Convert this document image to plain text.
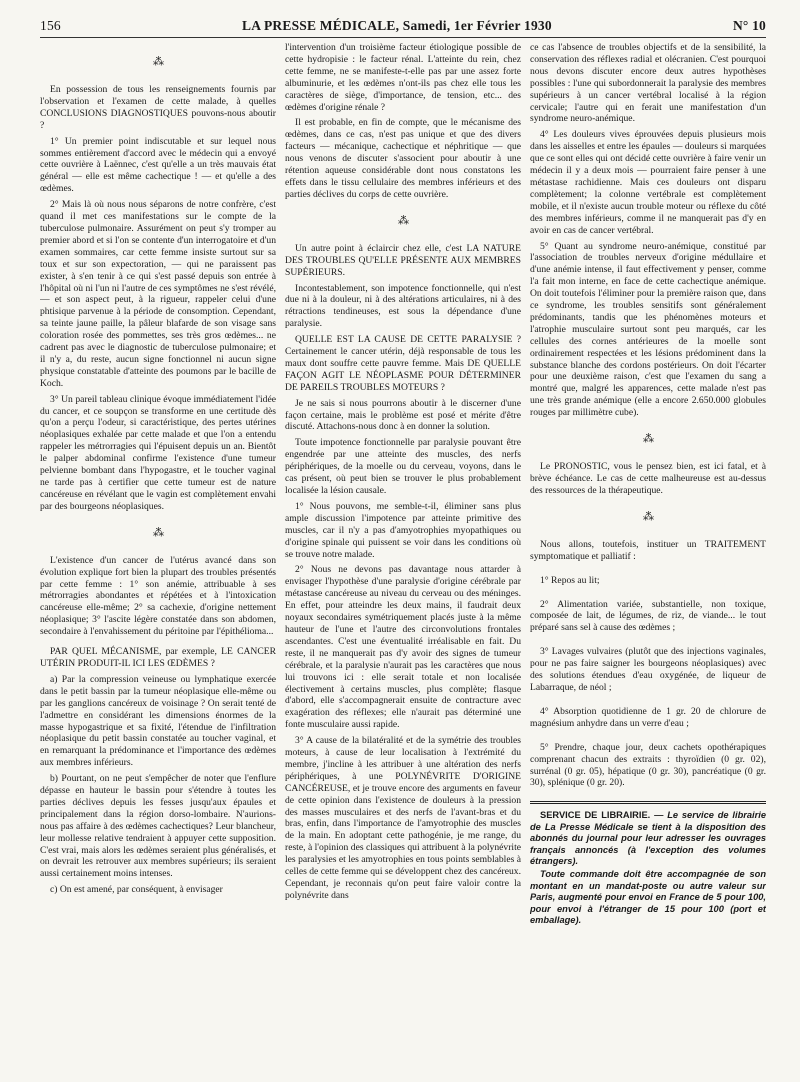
156	LA PRESSE MÉDICALE, Samedi, 1er Février 1930	N° 10
⁂

En possession de tous les renseignements fournis par l'observation et l'examen de cette malade, à quelles CONCLUSIONS DIAGNOSTIQUES pouvons-nous aboutir ?

1° Un premier point indiscutable et sur lequel nous sommes entièrement d'accord avec le médecin qui a envoyé cette ouvrière à Laënnec, c'est qu'elle a un très mauvais état général — elle est même cachectique ! — et qu'elle a des œdèmes.

2° Mais là où nous nous séparons de notre confrère, c'est quand il met ces manifestations sur le compte de la tuberculose pulmonaire. Assurément on peut s'y tromper au premier abord et si l'on se contente d'un interrogatoire et d'un examen sommaires, car cette femme insiste surtout sur sa toux et sur son expectoration, — qui ne paraissent pas exister, à s'en tenir à ce qui s'est passé depuis son entrée à l'hôpital où ni l'un ni l'autre de ces symptômes ne s'est révélé, — et son aspect peut, à la rigueur, rappeler celui d'une phtisique parvenue à la période de consomption. Cependant, sa teinte jaune paille, la pâleur blafarde de son visage sans coloration rosée des pommettes, ses très gros œdèmes... ne cadrent pas avec le diagnostic de tuberculose pulmonaire; et il n'y a, du reste, aucun signe fonctionnel ni aucun signe physique constatable d'atteinte des poumons par le bacille de Koch.

3° Un pareil tableau clinique évoque immédiatement l'idée du cancer, et ce soupçon se transforme en une certitude dès qu'on a perçu l'odeur, si caractéristique, des pertes utérines néoplasiques exhalée par cette malade et que l'on a entendu rappeler les métrorragies qui l'épuisent depuis un an. Bientôt le palper abdominal confirme l'existence d'une tumeur pelvienne bombant dans l'hypogastre, et le toucher vaginal ne tarde pas à certifier que cette tumeur est de nature cancéreuse en révélant que le vagin est complètement envahi par des bourgeons néoplasiques.

⁂

L'existence d'un cancer de l'utérus avancé dans son évolution explique fort bien la plupart des troubles présentés par cette femme : 1° son anémie, attribuable à ses métrorragies abondantes et répétées et à l'intoxication cancéreuse elle-même; 2° sa cachexie, d'origine nettement néoplasique; 3° l'ascite légère constatée dans son abdomen, secondaire à l'envahissement du péritoine par l'épithélioma...

PAR QUEL MÉCANISME, par exemple, LE CANCER UTÉRIN PRODUIT-IL ICI LES ŒDÈMES ?

a) Par la compression veineuse ou lymphatique exercée dans le petit bassin par la tumeur néoplasique elle-même ou par les ganglions cancéreux de voisinage ? On serait tenté de l'admettre en considérant les dimensions énormes de la masse hypogastrique et sa fixité, l'étendue de l'infiltration néoplasique du petit bassin constatée au toucher vaginal, et en remarquant la prédominance et l'importance des œdèmes aux membres inférieurs.

b) Pourtant, on ne peut s'empêcher de noter que l'enflure dépasse en hauteur le bassin pour s'étendre à toutes les parties déclives depuis les fesses jusqu'aux épaules et principalement dans la région dorso-lombaire. N'aurions-nous pas affaire à des œdèmes cachectiques? Leur blancheur, leur mollesse relative tendraient à appuyer cette supposition. C'est vrai, mais alors les œdèmes seraient plus généralisés, et on devrait les retrouver aux membres supérieurs; ils seraient aussi certainement moins intenses.

c) On est amené, par conséquent, à envisager

l'intervention d'un troisième facteur étiologique possible de cette hydropisie : le facteur rénal. L'atteinte du rein, chez cette femme, ne se manifeste-t-elle pas par une assez forte albuminurie, et les œdèmes n'ont-ils pas chez elle tous les caractères de siège, d'importance, de tension, etc... des œdèmes d'origine rénale ?

Il est probable, en fin de compte, que le mécanisme des œdèmes, dans ce cas, n'est pas unique et que des divers facteurs — mécanique, cachectique et néphritique — que nous venons de discuter s'associent pour aboutir à une rétention aqueuse considérable dont nous constatons les effets dans le tissu cellulaire des membres inférieurs et des parties déclives du corps de cette ouvrière.

⁂

Un autre point à éclaircir chez elle, c'est LA NATURE DES TROUBLES QU'ELLE PRÉSENTE AUX MEMBRES SUPÉRIEURS.

Incontestablement, son impotence fonctionnelle, qui n'est due ni à la douleur, ni à des altérations articulaires, ni à des rétractions tendineuses, est sous la dépendance d'une paralysie.

QUELLE EST LA CAUSE DE CETTE PARALYSIE ? Certainement le cancer utérin, déjà responsable de tous les maux dont souffre cette pauvre femme. Mais DE QUELLE FAÇON AGIT LE NÉOPLASME POUR DÉTERMINER DE PAREILS TROUBLES MOTEURS ?

Je ne sais si nous pourrons aboutir à le discerner d'une façon certaine, mais le problème est posé et mérite d'être discuté. Attachons-nous donc à en donner la solution.

Toute impotence fonctionnelle par paralysie pouvant être engendrée par une atteinte des muscles, des nerfs périphériques, de la moelle ou du cerveau, voyons, dans le cas présent, où peut bien se trouver le plus probablement localisée la lésion causale.

1° Nous pouvons, me semble-t-il, éliminer sans plus ample discussion l'impotence par atteinte primitive des muscles, car il n'y a pas d'amyotrophies myopathiques ou d'origine spinale qui puissent se voir dans les conditions où se trouve notre malade.

2° Nous ne devons pas davantage nous attarder à envisager l'hypothèse d'une paralysie d'origine cérébrale par métastase cancéreuse au niveau du cerveau ou des méninges. En effet, pour atteindre les deux mains, il faudrait deux noyaux secondaires symétriquement placés juste à la même hauteur de l'une et l'autre des circonvolutions frontales ascendantes. C'est une éventualité irréalisable en fait. Du reste, il ne manquerait pas d'y avoir des signes de tumeur cérébrale, et la paralysie n'aurait pas les caractères que nous lui trouvons ici : elle serait totale et non localisée électivement à certains muscles, plus complète; flasque d'abord, elle s'accompagnerait ensuite de contracture avec exagération des réflexes; elle n'aurait pas déterminé une fonte musculaire aussi rapide.

3° A cause de la bilatéralité et de la symétrie des troubles moteurs, à cause de leur localisation à l'extrémité du membre, j'incline à les attribuer à une altération des nerfs périphériques, à une POLYNÉVRITE D'ORIGINE CANCÉREUSE, et je trouve encore des arguments en faveur de cette opinion dans l'existence de douleurs à la pression des masses musculaires et des nerfs de l'avant-bras et du bras, enfin, dans l'importance de l'amyotrophie des muscles de la main. En adoptant cette pathogénie, je me range, du reste, à l'opinion des classiques qui attribuent à la polynévrite les paralysies et les amyotrophies en tous points semblables à celles de cette femme qui se développent chez des cancéreux. Cependant, je reconnais qu'on peut faire valoir contre la polynévrite dans

ce cas l'absence de troubles objectifs et de la sensibilité, la conservation des réflexes radial et olécranien. C'est pourquoi nous devons discuter encore deux autres hypothèses possibles : l'une qui subordonnerait la paralysie des membres supérieurs à un cancer vertébral localisé à la région cervicale; l'autre qui en ferait une manifestation d'un syndrome neuro-anémique.

4° Les douleurs vives éprouvées depuis plusieurs mois dans les aisselles et entre les épaules — douleurs si marquées que ce sont elles qui ont décidé cette ouvrière à faire venir un médecin il y a deux mois — pourraient faire penser à une métastase rachidienne. Mais ces douleurs ont disparu complètement; la colonne vertébrale est complètement mobile, et il n'existe aucun trouble moteur ou réflexe du côté des membres inférieurs, comme il ne manquerait pas d'y en avoir en cas de cancer vertébral.

5° Quant au syndrome neuro-anémique, constitué par l'association de troubles nerveux d'origine médullaire et d'une anémie intense, il faut effectivement y penser, comme l'a fait mon interne, en face de cette cachectique anémique. On doit toutefois l'éliminer pour la première raison que, dans ce syndrome, les troubles sensitifs sont généralement prédominants, tandis que les phénomènes moteurs et l'atrophie musculaire surtout sont peu marqués, car les cellules des cornes antérieures de la moelle sont ordinairement respectées et les lésions prédominent dans la substance blanche des cordons postérieurs. On doit l'écarter pour une deuxième raison, c'est que l'examen du sang a montré que, malgré les apparences, cette malade n'est pas une très grande anémique (elle a encore 2.650.000 globules rouges par millimètre cube).

⁂

Le PRONOSTIC, vous le pensez bien, est ici fatal, et à brève échéance. Le cas de cette malheureuse est au-dessus des ressources de la thérapeutique.

⁂

Nous allons, toutefois, instituer un TRAITEMENT symptomatique et palliatif :

1° Repos au lit;

2° Alimentation variée, substantielle, non toxique, composée de lait, de légumes, de riz, de viande... le tout préparé sans sel à cause des œdèmes ;

3° Lavages vulvaires (plutôt que des injections vaginales, pour ne pas faire saigner les bourgeons néoplasiques) avec des solutions étendues d'eau oxygénée, de liqueur de Labarraque, de néol ;

4° Absorption quotidienne de 1 gr. 20 de chlorure de magnésium anhydre dans un verre d'eau ;

5° Prendre, chaque jour, deux cachets opothérapiques comprenant chacun des extraits : thyroïdien (0 gr. 02), surrénal (0 gr. 05), hépatique (0 gr. 30), pancréatique (0 gr. 30), splénique (0 gr. 20).

SERVICE DE LIBRAIRIE. — Le service de librairie de La Presse Médicale se tient à la disposition des abonnés du journal pour leur adresser les ouvrages français annoncés (à l'exception des volumes étrangers).

Toute commande doit être accompagnée de son montant en un mandat-poste ou autre valeur sur Paris, augmenté pour envoi en France de 5 pour 100, pour envoi à l'étranger de 15 pour 100 (port et emballage).
